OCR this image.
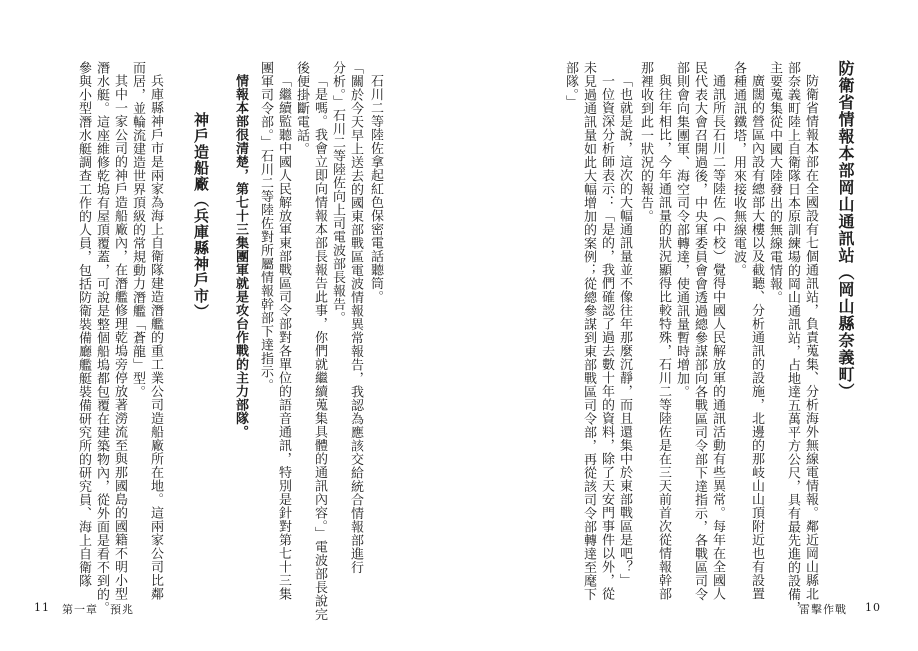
石川二等陸佐拿起紅色保密電話聽筒。
「關於今天早上送去的國東部戰區電波情報異常報告，我認為應該交給統合情報部進行
分析。」石川二等陸佐向上司電波部長報告。
「是嗎。我會立即向情報本部長報告此事，你們就繼續蒐集具體的通訊內容。」電波部長說完
後便掛斷電話。
「繼續監聽中國人民解放軍東部戰區司令部對各單位的語音通訊，特別是針對第七十三集
團軍司令部。」石川二等陸佐對所屬情報幹部下達指示。
情報本部很清楚，第七十三集團軍就是攻台作戰的主力部隊。
神戶造船廠（兵庫縣神戶市）
兵庫縣神戶市是兩家為海上自衛隊建造潛艦的重工業公司造船廠所在地。這兩家公司比鄰
而居，並輪流建造世界頂級的常規動力潛艦「蒼龍」型。
其中一家公司的神戶造船廠內，在潛艦修理乾塢旁停放著澇流至與那國島的國籍不明小型
潛水艇。這座維修乾塢有屋頂覆蓋，可說是整個船塢都包覆在建築物內，從外面是看不到的。
參與小型潛水艇調查工作的人員，包括防衛裝備廳艦艇裝備研究所的研究員、海上自衛隊
11 第一章　預兆
防衛省情報本部岡山通訊站（岡山縣奈義町）
防衛省情報本部在全國設有七個通訊站，負責蒐集、分析海外無線電情報。鄰近岡山縣北
部奈義町陸上自衛隊日本原訓練場的岡山通訊站，占地達五萬平方公尺，具有最先進的設備，
主要蒐集從中國大陸發出的無線電情報。
廣闊的營區內設有總部大樓以及截聽、分析通訊的設施，北邊的那岐山山頂附近也有設置
各種通訊鐵塔，用來接收無線電波。
通訊所長石川二等陸佐（中校）覺得中國人民解放軍的通訊活動有些異常。每年在全國人
民代表大會召開過後，中央軍委員會會透過總參謀部向各戰區司令部下達指示，各戰區司令
部則會向集團軍、海空司令部轉達，使通訊量暫時增加。
與往年相比，今年通訊量的狀況顯得比較特殊，石川二等陸佐是在三天前首次從情報幹部
那裡收到此一狀況的報告。
「也就是說，這次的大幅通訊量並不像往年那麼沉靜，而且還集中於東部戰區是吧？」
一位資深分析師表示：「是的，我們確認了過去數十年的資料，除了天安門事件以外，從
未見過通訊量如此大幅增加的案例；從總參謀到東部戰區司令部，再從該司令部轉達至麾下
部隊。」
雷擊作戰 10
